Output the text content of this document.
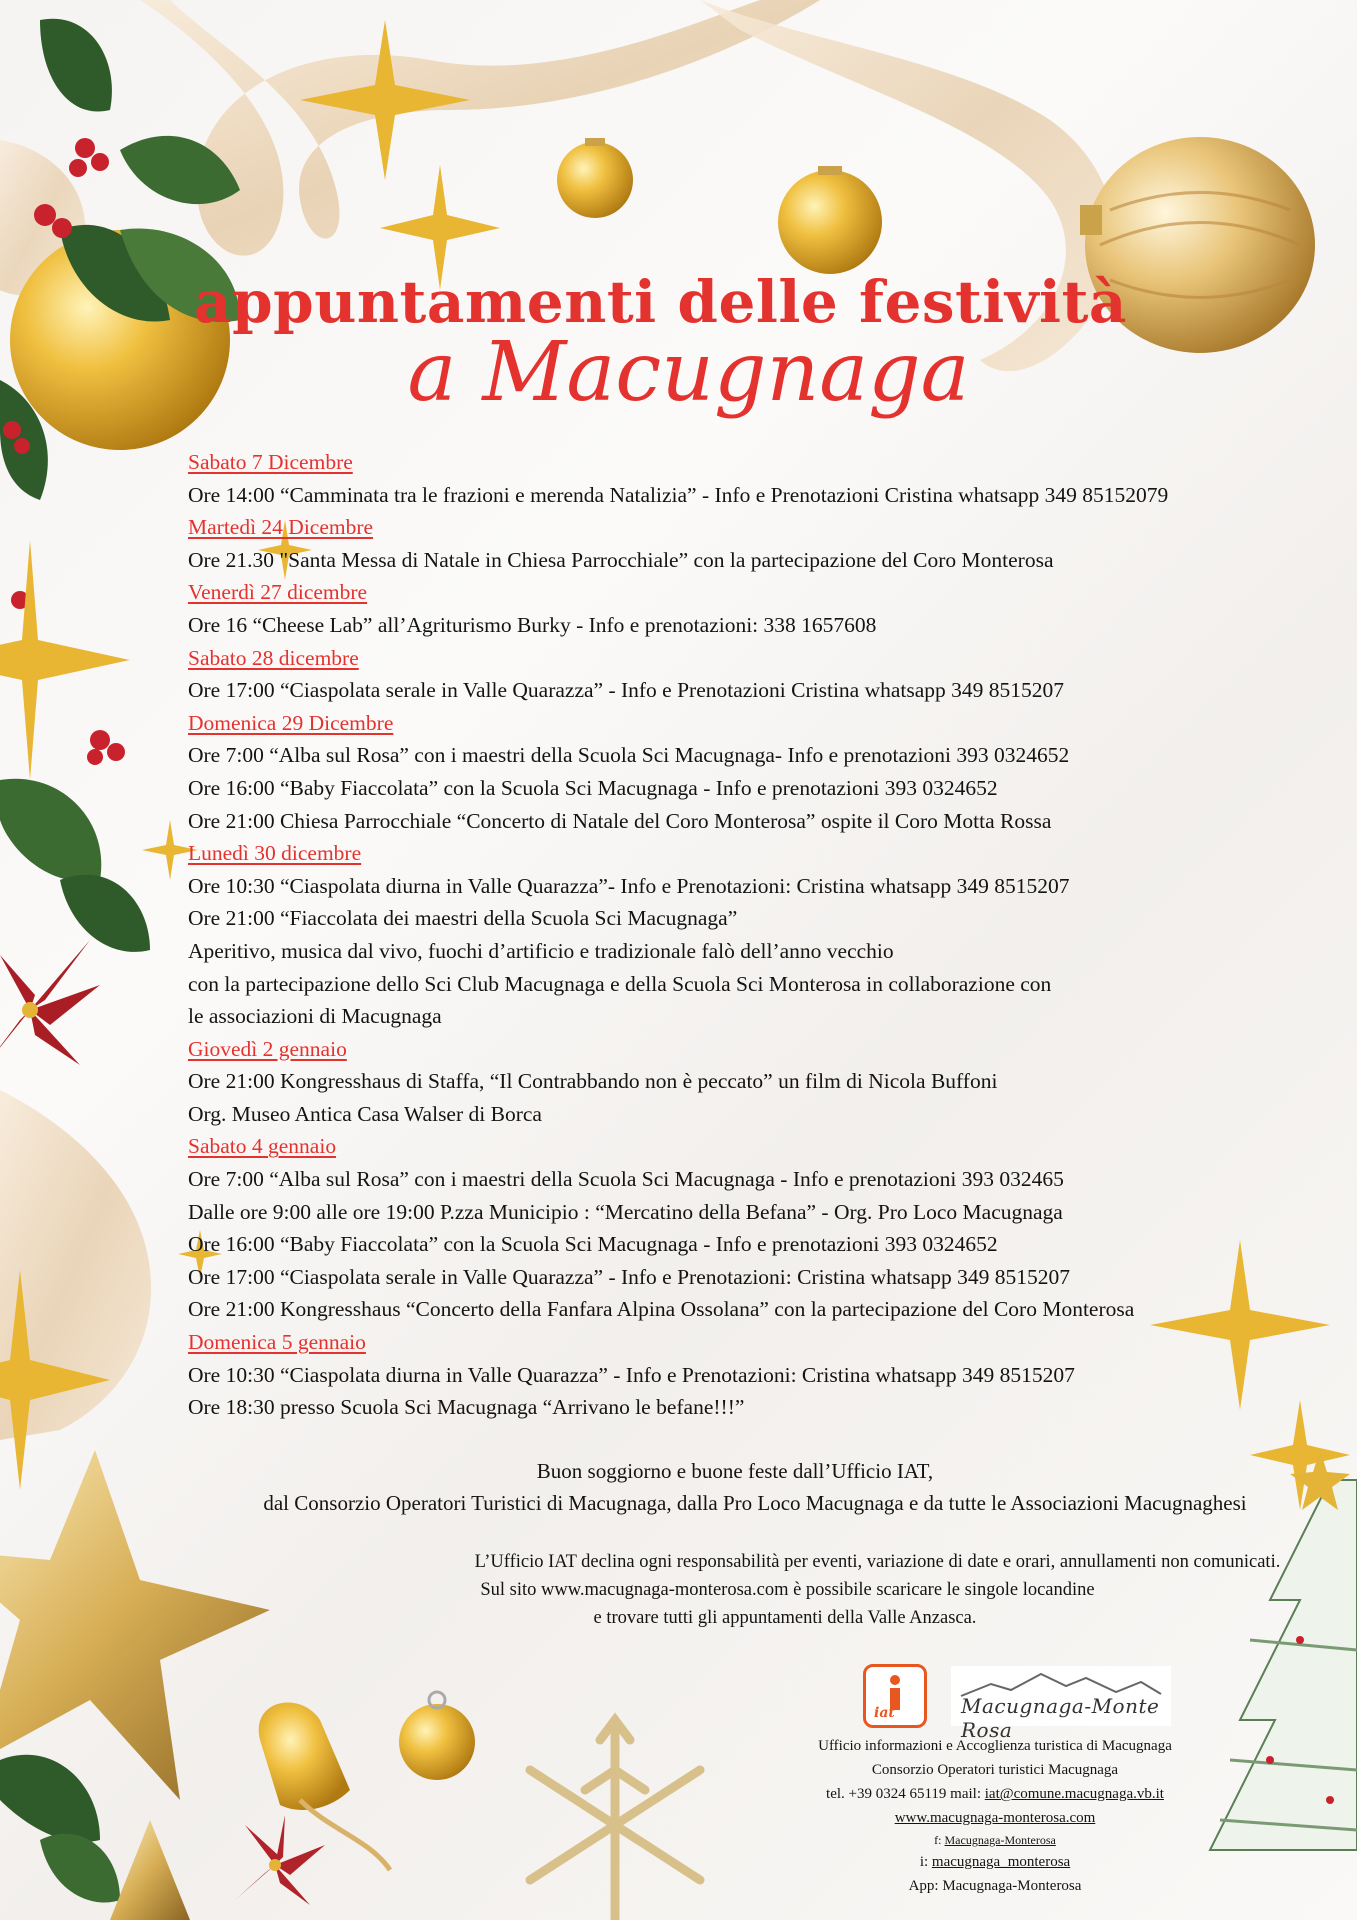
appuntamenti delle festività
a Macugnaga
Sabato 7 Dicembre
Ore 14:00 “Camminata tra le frazioni e merenda Natalizia” - Info e Prenotazioni Cristina whatsapp 349 85152079
Martedì 24 Dicembre
Ore 21.30 "Santa Messa di Natale in Chiesa Parrocchiale” con la partecipazione del Coro Monterosa
Venerdì 27 dicembre
Ore 16 “Cheese Lab” all’Agriturismo Burky - Info e prenotazioni: 338 1657608
Sabato 28 dicembre
Ore 17:00 “Ciaspolata serale in Valle Quarazza” - Info e Prenotazioni Cristina whatsapp 349 8515207
Domenica 29 Dicembre
Ore 7:00 “Alba sul Rosa” con i maestri della Scuola Sci Macugnaga- Info e prenotazioni 393 0324652
Ore 16:00 “Baby Fiaccolata” con la Scuola Sci Macugnaga - Info e prenotazioni 393 0324652
Ore 21:00 Chiesa Parrocchiale “Concerto di Natale del Coro Monterosa” ospite il Coro Motta Rossa
Lunedì 30 dicembre
Ore 10:30 “Ciaspolata diurna in Valle Quarazza”- Info e Prenotazioni: Cristina whatsapp 349 8515207
Ore 21:00 “Fiaccolata dei maestri della Scuola Sci Macugnaga”
Aperitivo, musica dal vivo, fuochi d’artificio e tradizionale falò dell’anno vecchio
con la partecipazione dello Sci Club Macugnaga e della Scuola Sci Monterosa in collaborazione con
le associazioni di Macugnaga
Giovedì 2 gennaio
Ore 21:00 Kongresshaus di Staffa, “Il Contrabbando non è peccato” un film di Nicola Buffoni
Org. Museo Antica Casa Walser di Borca
Sabato 4 gennaio
Ore 7:00 “Alba sul Rosa” con i maestri della Scuola Sci Macugnaga - Info e prenotazioni 393 032465
Dalle ore 9:00 alle ore 19:00 P.zza Municipio : “Mercatino della Befana” - Org. Pro Loco Macugnaga
Ore 16:00 “Baby Fiaccolata” con la Scuola Sci Macugnaga - Info e prenotazioni 393 0324652
Ore 17:00 “Ciaspolata serale in Valle Quarazza” - Info e Prenotazioni: Cristina whatsapp 349 8515207
Ore 21:00 Kongresshaus “Concerto della Fanfara Alpina Ossolana” con la partecipazione del Coro Monterosa
Domenica 5 gennaio
Ore 10:30 “Ciaspolata diurna in Valle Quarazza” - Info e Prenotazioni: Cristina whatsapp 349 8515207
Ore 18:30 presso Scuola Sci Macugnaga “Arrivano le befane!!!”
Buon soggiorno e buone feste dall’Ufficio IAT,
dal Consorzio Operatori Turistici di Macugnaga, dalla Pro Loco Macugnaga e da tutte le Associazioni Macugnaghesi
L’Ufficio IAT declina ogni responsabilità per eventi, variazione di date e orari, annullamenti non comunicati.
Sul sito www.macugnaga-monterosa.com è possibile scaricare le singole locandine
e trovare tutti gli appuntamenti della Valle Anzasca.
iat	Macugnaga-Monte Rosa
Ufficio informazioni e Accoglienza turistica di Macugnaga
Consorzio Operatori turistici Macugnaga
tel. +39 0324 65119 mail: iat@comune.macugnaga.vb.it
www.macugnaga-monterosa.com
f: Macugnaga-Monterosa
i: macugnaga_monterosa
App: Macugnaga-Monterosa
